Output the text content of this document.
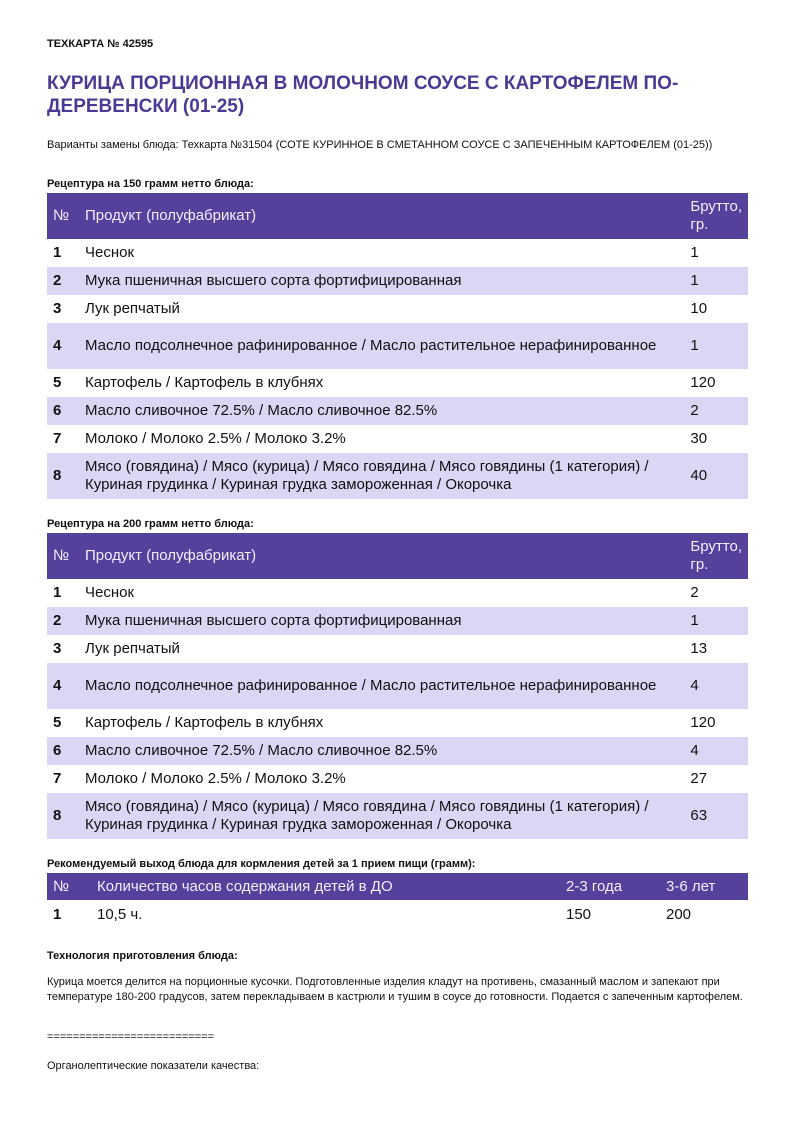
ТЕХКАРТА № 42595
КУРИЦА ПОРЦИОННАЯ В МОЛОЧНОМ СОУСЕ С КАРТОФЕЛЕМ ПО-ДЕРЕВЕНСКИ (01-25)
Варианты замены блюда: Техкарта №31504 (СОТЕ КУРИННОЕ В СМЕТАННОМ СОУСЕ С ЗАПЕЧЕННЫМ КАРТОФЕЛЕМ (01-25))
Рецептура на 150 грамм нетто блюда:
№	Продукт (полуфабрикат)	Брутто, гр.
1	Чеснок	1
2	Мука пшеничная высшего сорта фортифицированная	1
3	Лук репчатый	10
4	Масло подсолнечное рафинированное / Масло растительное нерафинированное	1
5	Картофель / Картофель в клубнях	120
6	Масло сливочное 72.5% / Масло сливочное 82.5%	2
7	Молоко / Молоко 2.5% / Молоко 3.2%	30
8	Мясо (говядина) / Мясо (курица) / Мясо говядина / Мясо говядины (1 категория) / Куриная грудинка / Куриная грудка замороженная / Окорочка	40
Рецептура на 200 грамм нетто блюда:
№	Продукт (полуфабрикат)	Брутто, гр.
1	Чеснок	2
2	Мука пшеничная высшего сорта фортифицированная	1
3	Лук репчатый	13
4	Масло подсолнечное рафинированное / Масло растительное нерафинированное	4
5	Картофель / Картофель в клубнях	120
6	Масло сливочное 72.5% / Масло сливочное 82.5%	4
7	Молоко / Молоко 2.5% / Молоко 3.2%	27
8	Мясо (говядина) / Мясо (курица) / Мясо говядина / Мясо говядины (1 категория) / Куриная грудинка / Куриная грудка замороженная / Окорочка	63
Рекомендуемый выход блюда для кормления детей за 1 прием пищи (грамм):
№	Количество часов содержания детей в ДО	2-3 года	3-6 лет
1	10,5 ч.	150	200
Технология приготовления блюда:
Курица моется делится на порционные кусочки. Подготовленные изделия кладут на противень, смазанный маслом и запекают при температуре 180-200 градусов, затем перекладываем в кастрюли и тушим в соусе до готовности. Подается с запеченным картофелем.
==========================
Органолептические показатели качества:
